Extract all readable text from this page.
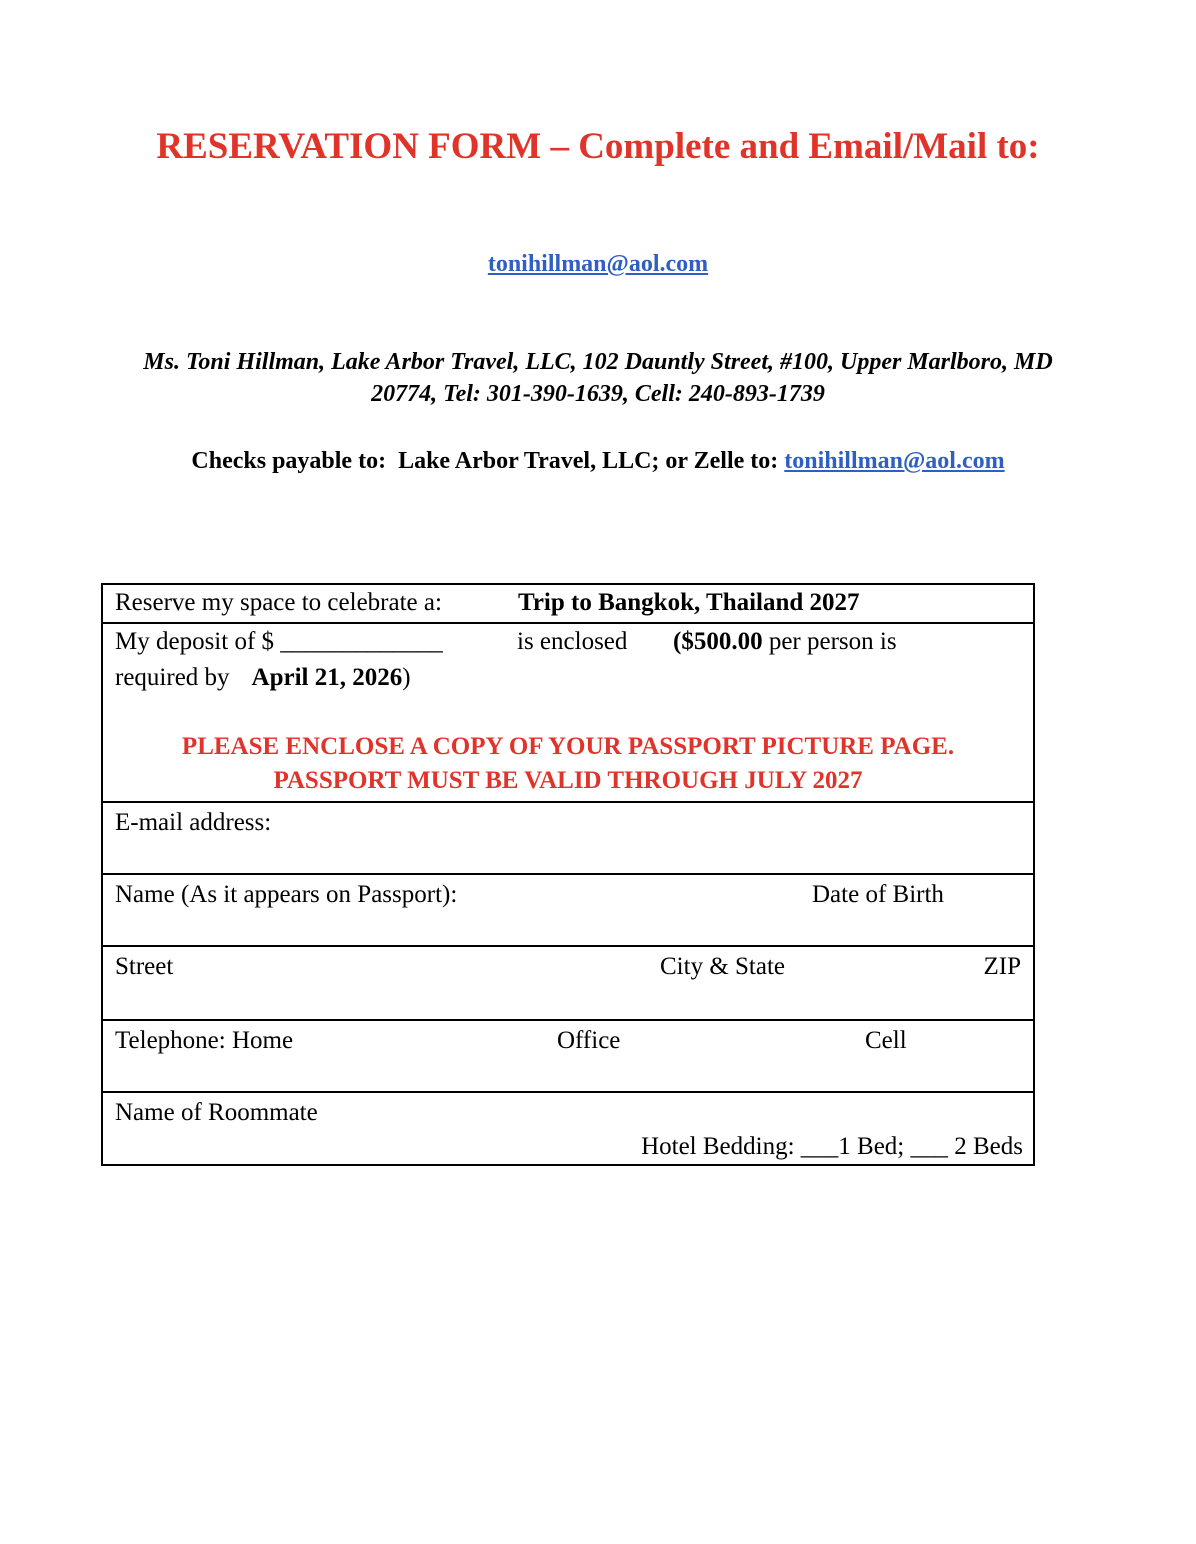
RESERVATION FORM – Complete and Email/Mail to:
tonihillman@aol.com
Ms. Toni Hillman, Lake Arbor Travel, LLC, 102 Dauntly Street, #100, Upper Marlboro, MD
20774, Tel: 301-390-1639, Cell: 240-893-1739
Checks payable to:  Lake Arbor Travel, LLC; or Zelle to: tonihillman@aol.com
Reserve my space to celebrate a:	Trip to Bangkok, Thailand 2027
My deposit of $ _____________	is enclosed ($500.00 per person is
required by April 21, 2026)
PLEASE ENCLOSE A COPY OF YOUR PASSPORT PICTURE PAGE.
PASSPORT MUST BE VALID THROUGH JULY 2027
E-mail address:
Name (As it appears on Passport):	Date of Birth
Street	City & State	ZIP
Telephone: Home	Office	Cell
Name of Roommate
Hotel Bedding: ___1 Bed; ___ 2 Beds
